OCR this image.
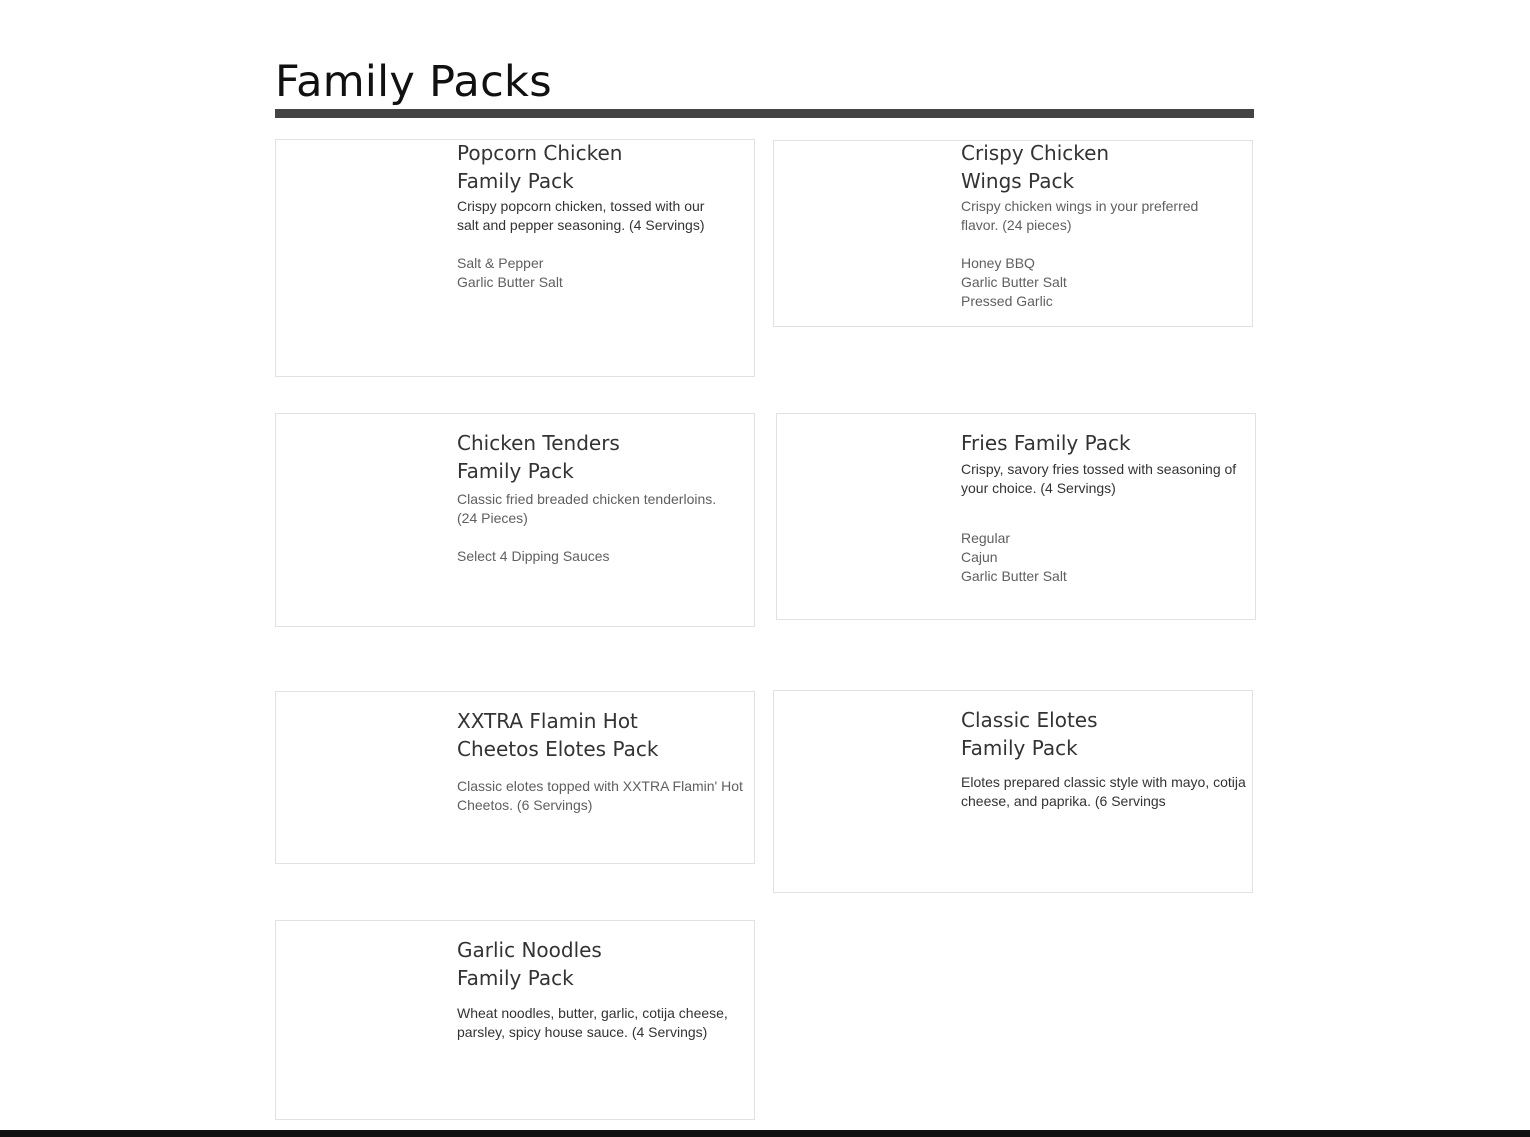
Family Packs
Popcorn Chicken
Family Pack

Crispy popcorn chicken, tossed with our
salt and pepper seasoning. (4 Servings)

Salt & Pepper
Garlic Butter Salt
Crispy Chicken
Wings Pack

Crispy chicken wings in your preferred
flavor. (24 pieces)

Honey BBQ
Garlic Butter Salt
Pressed Garlic
Chicken Tenders
Family Pack

Classic fried breaded chicken tenderloins.
(24 Pieces)

Select 4 Dipping Sauces
Fries Family Pack

Crispy, savory fries tossed with seasoning of
your choice. (4 Servings)

Regular
Cajun
Garlic Butter Salt
XXTRA Flamin Hot
Cheetos Elotes Pack

Classic elotes topped with XXTRA Flamin' Hot
Cheetos. (6 Servings)

Classic Elotes
Family Pack

Elotes prepared classic style with mayo, cotija
cheese, and paprika. (6 Servings

Garlic Noodles
Family Pack

Wheat noodles, butter, garlic, cotija cheese,
parsley, spicy house sauce. (4 Servings)
